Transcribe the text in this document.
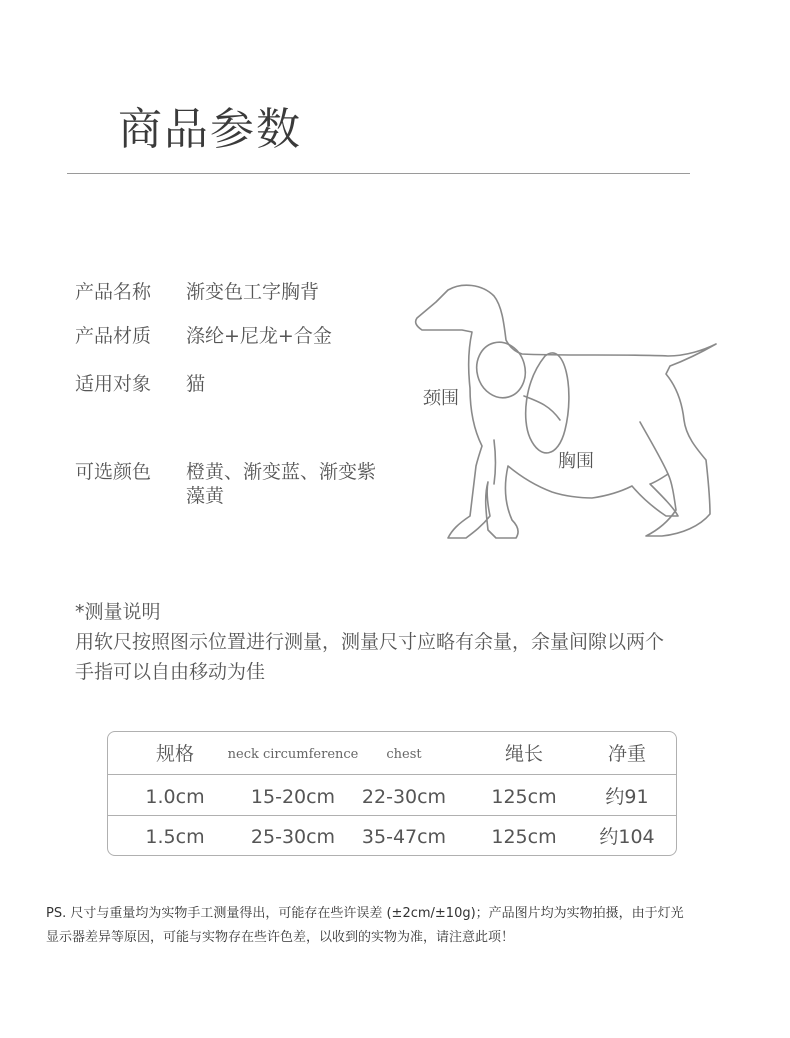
商品参数
产品名称 渐变色工字胸背
产品材质 涤纶+尼龙+合金
适用对象 猫
可选颜色 橙黄、渐变蓝、渐变紫
藻黄
颈围
胸围
*测量说明
用软尺按照图示位置进行测量，测量尺寸应略有余量，余量间隙以两个
手指可以自由移动为佳
规格	neck circumference	chest	绳长	净重
1.0cm	15-20cm	22-30cm	125cm	约91
1.5cm	25-30cm	35-47cm	125cm	约104
PS. 尺寸与重量均为实物手工测量得出，可能存在些许误差 (±2cm/±10g)；产品图片均为实物拍摄，由于灯光
显示器差异等原因，可能与实物存在些许色差，以收到的实物为准，请注意此项！
